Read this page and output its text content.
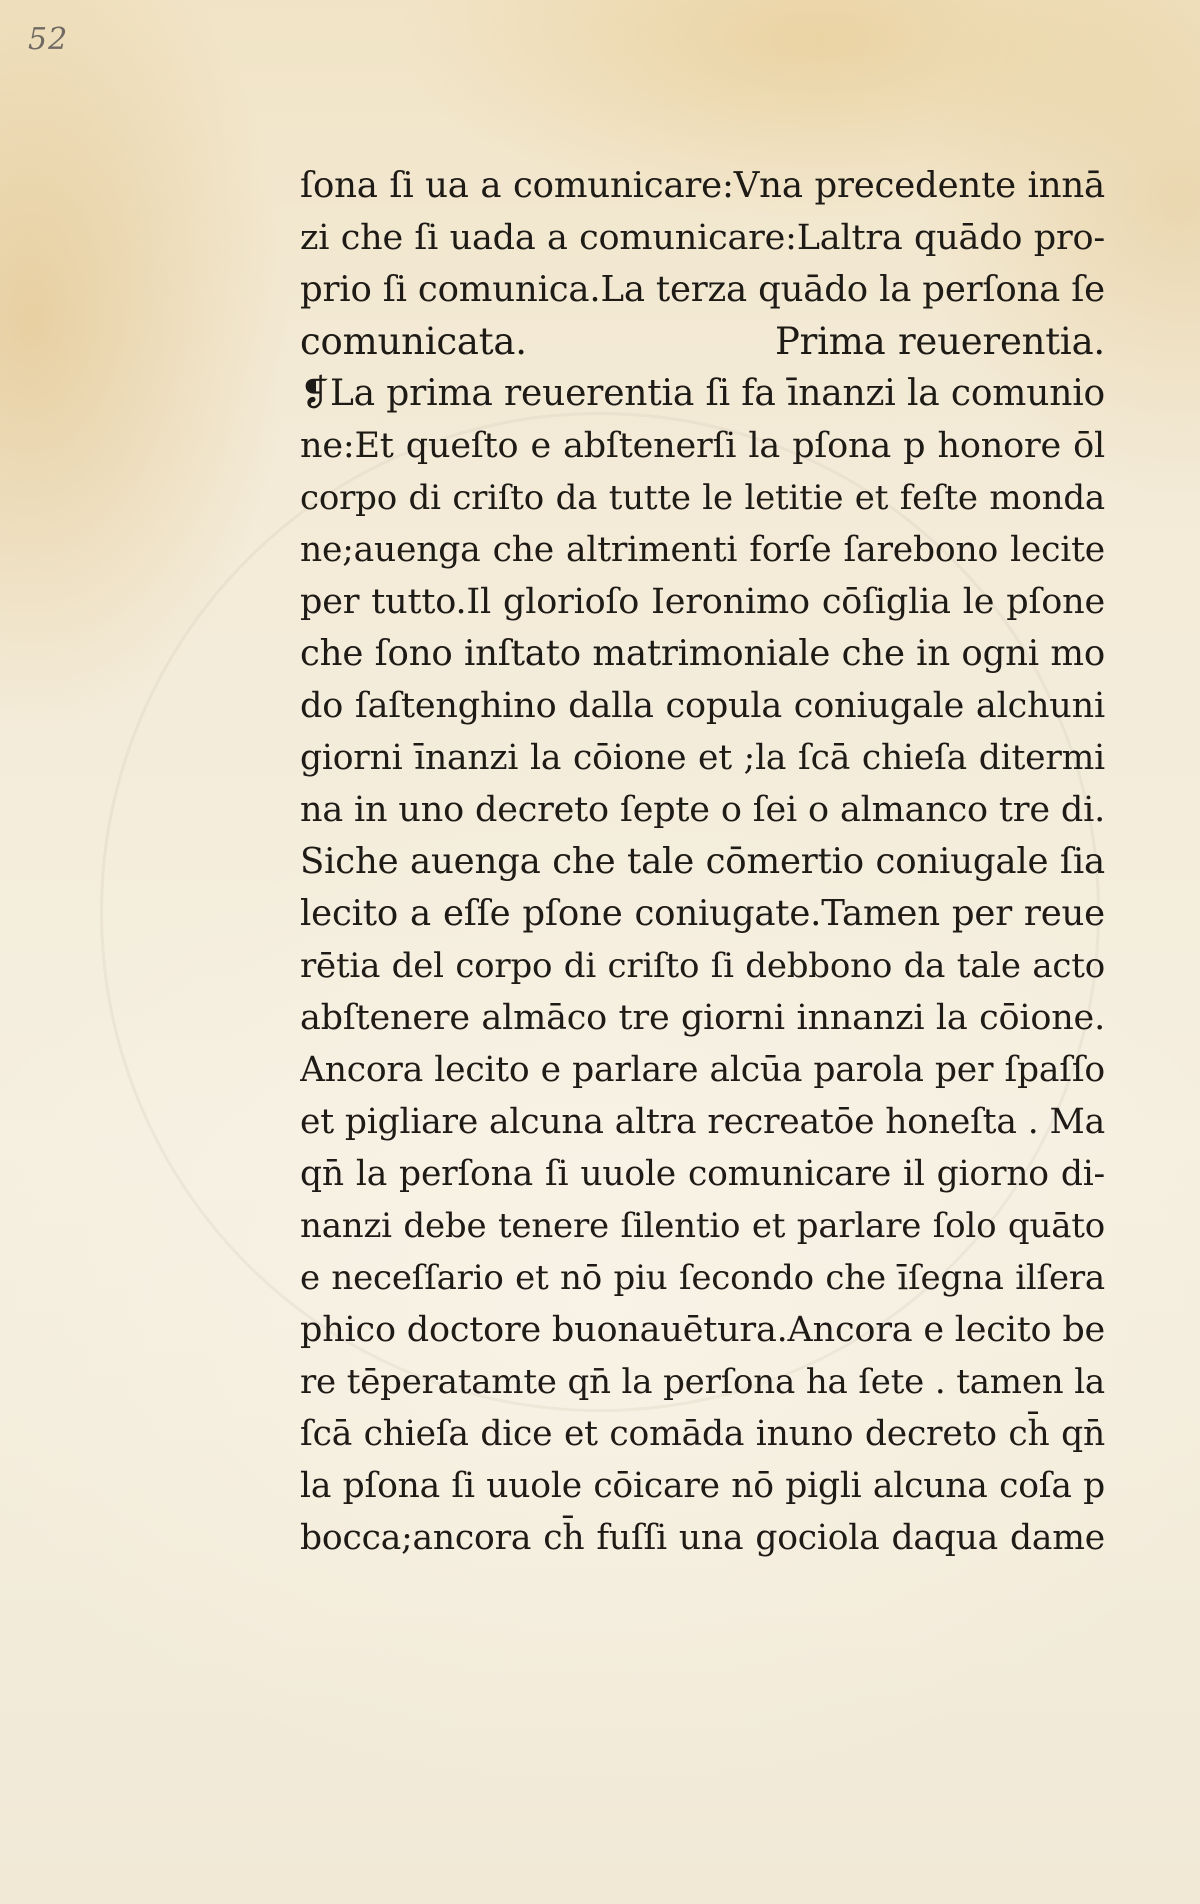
52
ſona ſi ua a comunicare:Vna precedente innā
zi che ſi uada a comunicare:Laltra quādo pro-
prio ſi comunica.La terza quādo la perſona ſe
comunicata.                    Prima reuerentia.
❡La prima reuerentia ſi fa īnanzi la comunio
ne:Et queſto e abſtenerſi la pſona p honore ōl
corpo di criſto da tutte le letitie et feſte monda
ne;auenga che altrimenti forſe ſarebono lecite
per tutto.Il glorioſo Ieronimo cōſiglia le pſone
che ſono inſtato matrimoniale che in ogni mo
do ſaſtenghino dalla copula coniugale alchuni
giorni īnanzi la cōione et ;la ſcā chieſa ditermi
na in uno decreto ſepte o ſei o almanco tre di.
Siche auenga che tale cōmertio coniugale ſia
lecito a eſſe pſone coniugate.Tamen per reue
rētia del corpo di criſto ſi debbono da tale acto
abſtenere almāco tre giorni innanzi la cōione.
Ancora lecito e parlare alcūa parola per ſpaſſo
et pigliare alcuna altra recreatōe honeſta . Ma
qn̄ la perſona ſi uuole comunicare il giorno di-
nanzi debe tenere ſilentio et parlare ſolo quāto
e neceſſario et nō piu ſecondo che īſegna ilſera
phico doctore buonauētura.Ancora e lecito be
re tēperatamte qn̄ la perſona ha ſete . tamen la
ſcā chieſa dice et comāda inuno decreto ch̄ qn̄
la pſona ſi uuole cōicare nō pigli alcuna coſa p
bocca;ancora ch̄ fuſſi una gociola daqua dame
